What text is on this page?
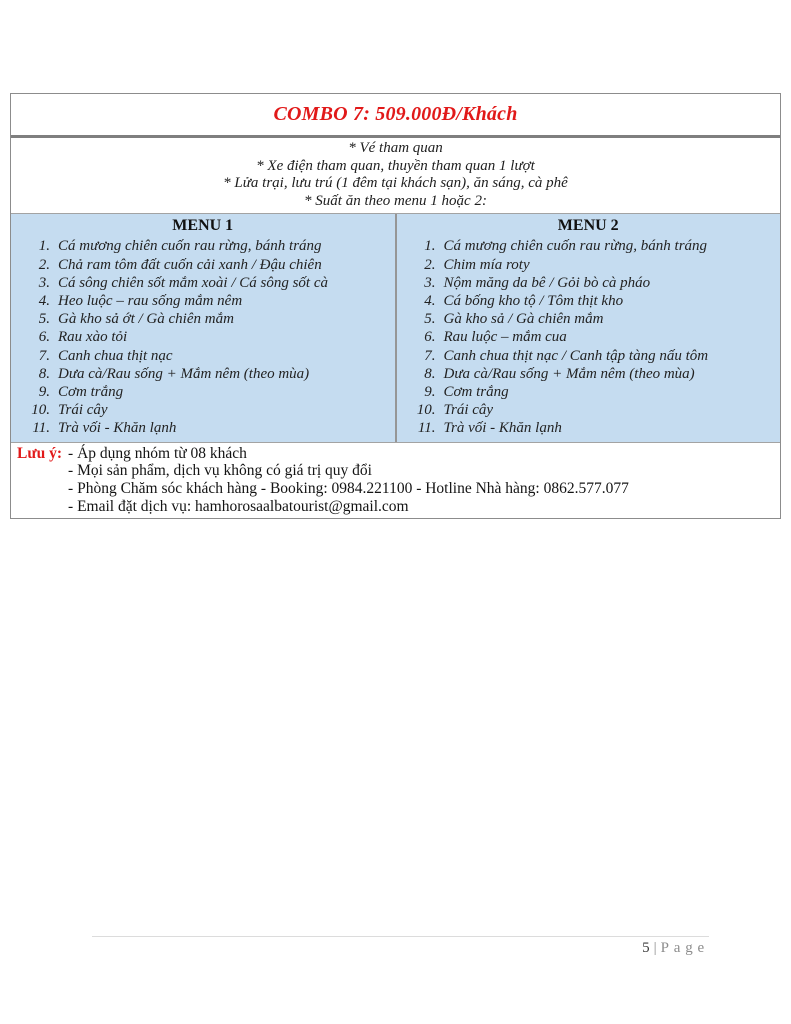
COMBO 7: 509.000Đ/Khách
* Vé tham quan
* Xe điện tham quan, thuyền tham quan 1 lượt
* Lửa trại, lưu trú (1 đêm tại khách sạn), ăn sáng, cà phê
* Suất ăn theo menu 1 hoặc 2:
MENU 1
1. Cá mương chiên cuốn rau rừng, bánh tráng
2. Chả ram tôm đất cuốn cải xanh / Đậu chiên
3. Cá sông chiên sốt mắm xoài / Cá sông sốt cà
4. Heo luộc – rau sống mắm nêm
5. Gà kho sả ớt / Gà chiên mắm
6. Rau xào tỏi
7. Canh chua thịt nạc
8. Dưa cà/Rau sống + Mắm nêm (theo mùa)
9. Cơm trắng
10. Trái cây
11. Trà vối - Khăn lạnh
MENU 2
1. Cá mương chiên cuốn rau rừng, bánh tráng
2. Chim mía roty
3. Nộm măng da bê / Gỏi bò cà pháo
4. Cá bống kho tộ / Tôm thịt kho
5. Gà kho sả / Gà chiên mắm
6. Rau luộc – mắm cua
7. Canh chua thịt nạc / Canh tập tàng nấu tôm
8. Dưa cà/Rau sống + Mắm nêm (theo mùa)
9. Cơm trắng
10. Trái cây
11. Trà vối - Khăn lạnh
Lưu ý: - Áp dụng nhóm từ 08 khách
- Mọi sản phẩm, dịch vụ không có giá trị quy đổi
- Phòng Chăm sóc khách hàng - Booking: 0984.221100 - Hotline Nhà hàng: 0862.577.077
- Email đặt dịch vụ: hamhorosaalbatourist@gmail.com
5 | Page
